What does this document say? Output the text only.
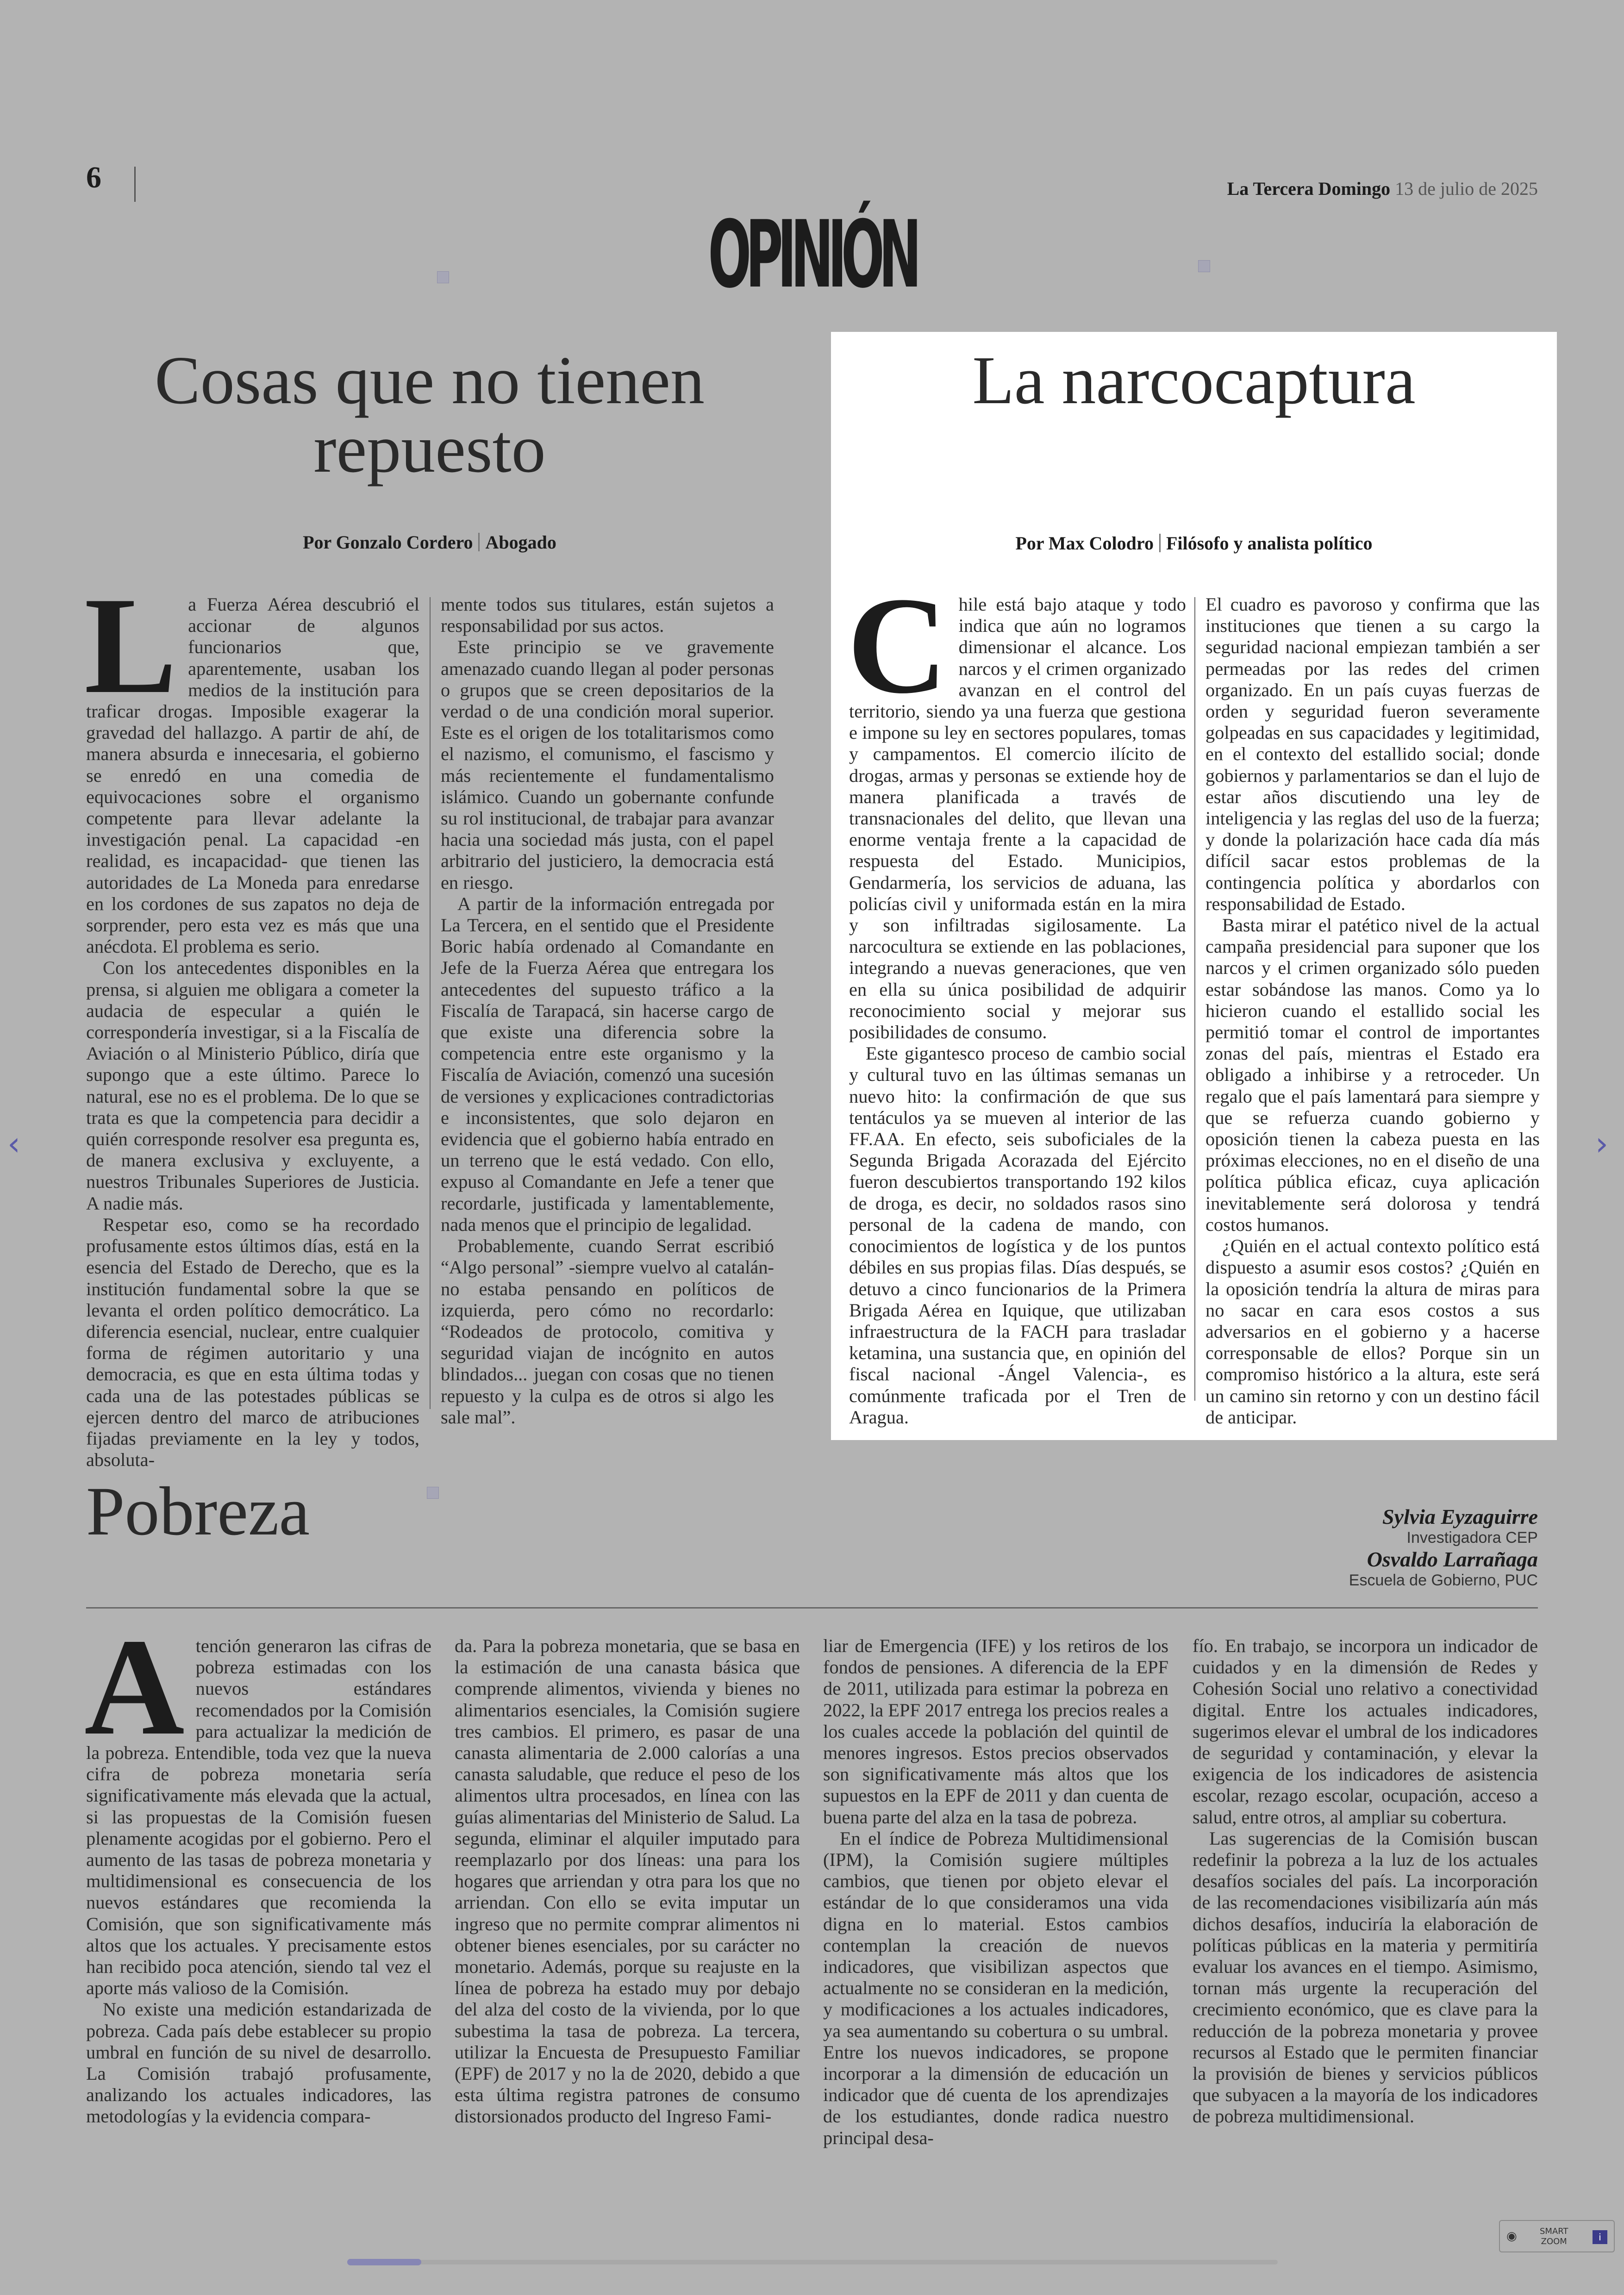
6	La Tercera Domingo 13 de julio de 2025
OPINIÓN
Cosas que no tienen repuesto
Por Gonzalo Cordero Abogado
L a Fuerza Aérea descubrió el accionar de algunos funcionarios que, aparentemente, usaban los medios de la institución para traficar drogas. Imposible exagerar la gravedad del hallazgo. A partir de ahí, de manera absurda e innecesaria, el gobierno se enredó en una comedia de equivocaciones sobre el organismo competente para llevar adelante la investigación penal. La capacidad -en realidad, es incapacidad- que tienen las autoridades de La Moneda para enredarse en los cordones de sus zapatos no deja de sorprender, pero esta vez es más que una anécdota. El problema es serio.

Con los antecedentes disponibles en la prensa, si alguien me obligara a cometer la audacia de especular a quién le correspondería investigar, si a la Fiscalía de Aviación o al Ministerio Público, diría que supongo que a este último. Parece lo natural, ese no es el problema. De lo que se trata es que la competencia para decidir a quién corresponde resolver esa pregunta es, de manera exclusiva y excluyente, a nuestros Tribunales Superiores de Justicia. A nadie más.

Respetar eso, como se ha recordado profusamente estos últimos días, está en la esencia del Estado de Derecho, que es la institución fundamental sobre la que se levanta el orden político democrático. La diferencia esencial, nuclear, entre cualquier forma de régimen autoritario y una democracia, es que en esta última todas y cada una de las potestades públicas se ejercen dentro del marco de atribuciones fijadas previamente en la ley y todos, absoluta-

mente todos sus titulares, están sujetos a responsabilidad por sus actos.

Este principio se ve gravemente amenazado cuando llegan al poder personas o grupos que se creen depositarios de la verdad o de una condición moral superior. Este es el origen de los totalitarismos como el nazismo, el comunismo, el fascismo y más recientemente el fundamentalismo islámico. Cuando un gobernante confunde su rol institucional, de trabajar para avanzar hacia una sociedad más justa, con el papel arbitrario del justiciero, la democracia está en riesgo.

A partir de la información entregada por La Tercera, en el sentido que el Presidente Boric había ordenado al Comandante en Jefe de la Fuerza Aérea que entregara los antecedentes del supuesto tráfico a la Fiscalía de Tarapacá, sin hacerse cargo de que existe una diferencia sobre la competencia entre este organismo y la Fiscalía de Aviación, comenzó una sucesión de versiones y explicaciones contradictorias e inconsistentes, que solo dejaron en evidencia que el gobierno había entrado en un terreno que le está vedado. Con ello, expuso al Comandante en Jefe a tener que recordarle, justificada y lamentablemente, nada menos que el principio de legalidad.

Probablemente, cuando Serrat escribió “Algo personal” -siempre vuelvo al catalán- no estaba pensando en políticos de izquierda, pero cómo no recordarlo: “Rodeados de protocolo, comitiva y seguridad viajan de incógnito en autos blindados... juegan con cosas que no tienen repuesto y la culpa es de otros si algo les sale mal”.

La narcocaptura
Por Max Colodro Filósofo y analista político
C hile está bajo ataque y todo indica que aún no logramos dimensionar el alcance. Los narcos y el crimen organizado avanzan en el control del territorio, siendo ya una fuerza que gestiona e impone su ley en sectores populares, tomas y campamentos. El comercio ilícito de drogas, armas y personas se extiende hoy de manera planificada a través de transnacionales del delito, que llevan una enorme ventaja frente a la capacidad de respuesta del Estado. Municipios, Gendarmería, los servicios de aduana, las policías civil y uniformada están en la mira y son infiltradas sigilosamente. La narcocultura se extiende en las poblaciones, integrando a nuevas generaciones, que ven en ella su única posibilidad de adquirir reconocimiento social y mejorar sus posibilidades de consumo.

Este gigantesco proceso de cambio social y cultural tuvo en las últimas semanas un nuevo hito: la confirmación de que sus tentáculos ya se mueven al interior de las FF.AA. En efecto, seis suboficiales de la Segunda Brigada Acorazada del Ejército fueron descubiertos transportando 192 kilos de droga, es decir, no soldados rasos sino personal de la cadena de mando, con conocimientos de logística y de los puntos débiles en sus propias filas. Días después, se detuvo a cinco funcionarios de la Primera Brigada Aérea en Iquique, que utilizaban infraestructura de la FACH para trasladar ketamina, una sustancia que, en opinión del fiscal nacional -Ángel Valencia-, es comúnmente traficada por el Tren de Aragua.

El cuadro es pavoroso y confirma que las instituciones que tienen a su cargo la seguridad nacional empiezan también a ser permeadas por las redes del crimen organizado. En un país cuyas fuerzas de orden y seguridad fueron severamente golpeadas en sus capacidades y legitimidad, en el contexto del estallido social; donde gobiernos y parlamentarios se dan el lujo de estar años discutiendo una ley de inteligencia y las reglas del uso de la fuerza; y donde la polarización hace cada día más difícil sacar estos problemas de la contingencia política y abordarlos con responsabilidad de Estado.

Basta mirar el patético nivel de la actual campaña presidencial para suponer que los narcos y el crimen organizado sólo pueden estar sobándose las manos. Como ya lo hicieron cuando el estallido social les permitió tomar el control de importantes zonas del país, mientras el Estado era obligado a inhibirse y a retroceder. Un regalo que el país lamentará para siempre y que se refuerza cuando gobierno y oposición tienen la cabeza puesta en las próximas elecciones, no en el diseño de una política pública eficaz, cuya aplicación inevitablemente será dolorosa y tendrá costos humanos.

¿Quién en el actual contexto político está dispuesto a asumir esos costos? ¿Quién en la oposición tendría la altura de miras para no sacar en cara esos costos a sus adversarios en el gobierno y a hacerse corresponsable de ellos? Porque sin un compromiso histórico a la altura, este será un camino sin retorno y con un destino fácil de anticipar.

Pobreza	Sylvia Eyzaguirre
Investigadora CEP
Osvaldo Larrañaga
Escuela de Gobierno, PUC
A tención generaron las cifras de pobreza estimadas con los nuevos estándares recomendados por la Comisión para actualizar la medición de la pobreza. Entendible, toda vez que la nueva cifra de pobreza monetaria sería significativamente más elevada que la actual, si las propuestas de la Comisión fuesen plenamente acogidas por el gobierno. Pero el aumento de las tasas de pobreza monetaria y multidimensional es consecuencia de los nuevos estándares que recomienda la Comisión, que son significativamente más altos que los actuales. Y precisamente estos han recibido poca atención, siendo tal vez el aporte más valioso de la Comisión.

No existe una medición estandarizada de pobreza. Cada país debe establecer su propio umbral en función de su nivel de desarrollo. La Comisión trabajó profusamente, analizando los actuales indicadores, las metodologías y la evidencia compara-

da. Para la pobreza monetaria, que se basa en la estimación de una canasta básica que comprende alimentos, vivienda y bienes no alimentarios esenciales, la Comisión sugiere tres cambios. El primero, es pasar de una canasta alimentaria de 2.000 calorías a una canasta saludable, que reduce el peso de los alimentos ultra procesados, en línea con las guías alimentarias del Ministerio de Salud. La segunda, eliminar el alquiler imputado para reemplazarlo por dos líneas: una para los hogares que arriendan y otra para los que no arriendan. Con ello se evita imputar un ingreso que no permite comprar alimentos ni obtener bienes esenciales, por su carácter no monetario. Además, porque su reajuste en la línea de pobreza ha estado muy por debajo del alza del costo de la vivienda, por lo que subestima la tasa de pobreza. La tercera, utilizar la Encuesta de Presupuesto Familiar (EPF) de 2017 y no la de 2020, debido a que esta última registra patrones de consumo distorsionados producto del Ingreso Fami-

liar de Emergencia (IFE) y los retiros de los fondos de pensiones. A diferencia de la EPF de 2011, utilizada para estimar la pobreza en 2022, la EPF 2017 entrega los precios reales a los cuales accede la población del quintil de menores ingresos. Estos precios observados son significativamente más altos que los supuestos en la EPF de 2011 y dan cuenta de buena parte del alza en la tasa de pobreza.

En el índice de Pobreza Multidimensional (IPM), la Comisión sugiere múltiples cambios, que tienen por objeto elevar el estándar de lo que consideramos una vida digna en lo material. Estos cambios contemplan la creación de nuevos indicadores, que visibilizan aspectos que actualmente no se consideran en la medición, y modificaciones a los actuales indicadores, ya sea aumentando su cobertura o su umbral. Entre los nuevos indicadores, se propone incorporar a la dimensión de educación un indicador que dé cuenta de los aprendizajes de los estudiantes, donde radica nuestro principal desa-

fío. En trabajo, se incorpora un indicador de cuidados y en la dimensión de Redes y Cohesión Social uno relativo a conectividad digital. Entre los actuales indicadores, sugerimos elevar el umbral de los indicadores de seguridad y contaminación, y elevar la exigencia de los indicadores de asistencia escolar, rezago escolar, ocupación, acceso a salud, entre otros, al ampliar su cobertura.

Las sugerencias de la Comisión buscan redefinir la pobreza a la luz de los actuales desafíos sociales del país. La incorporación de las recomendaciones visibilizaría aún más dichos desafíos, induciría la elaboración de políticas públicas en la materia y permitiría evaluar los avances en el tiempo. Asimismo, tornan más urgente la recuperación del crecimiento económico, que es clave para la reducción de la pobreza monetaria y provee recursos al Estado que le permiten financiar la provisión de bienes y servicios públicos que subyacen a la mayoría de los indicadores de pobreza multidimensional.

‹	›
◉	SMART
ZOOM	i
